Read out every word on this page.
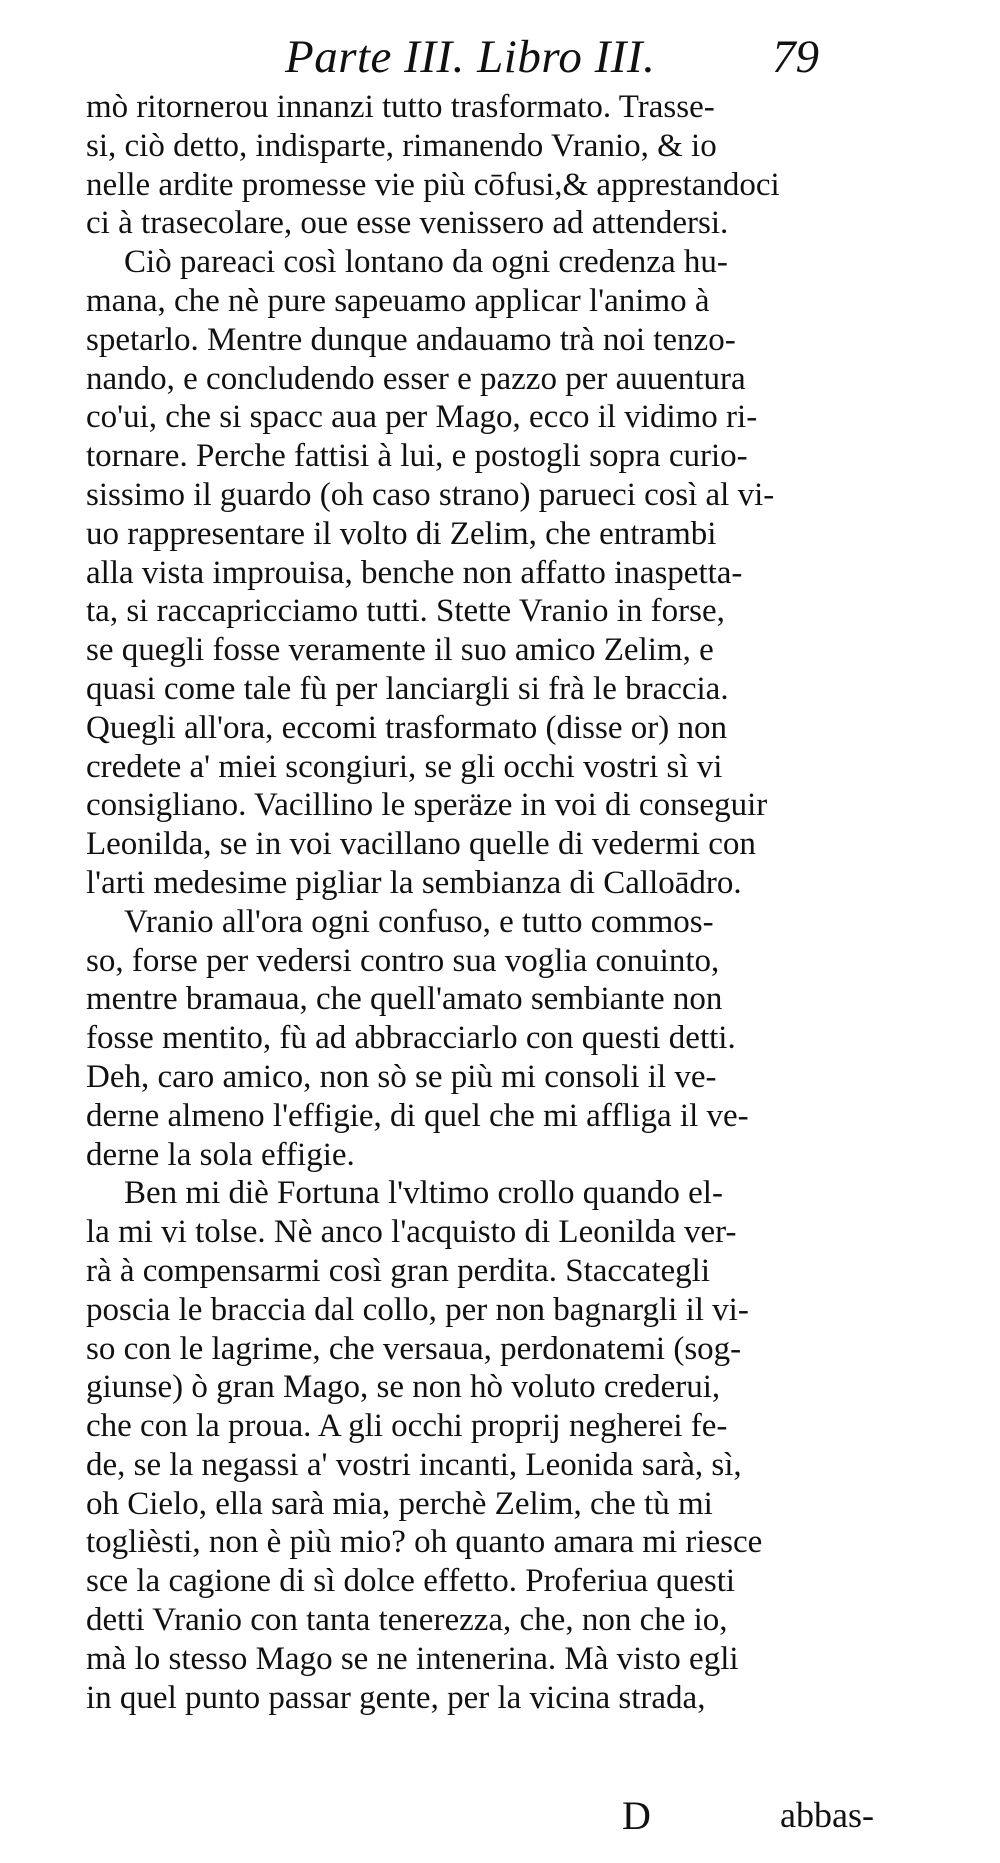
Parte III. Libro III. 79
mò ritornerou innanzi tutto trasformato. Trasse-
si, ciò detto, indisparte, rimanendo Vranio, & io
nelle ardite promesse vie più cōfusi,& apprestandoci
ci à trasecolare, oue esse venissero ad attendersi.
Ciò pareaci così lontano da ogni credenza hu-
mana, che nè pure sapeuamo applicar l'animo à
spetarlo. Mentre dunque andauamo trà noi tenzo-
nando, e concludendo esser e pazzo per auuentura
co'ui, che si spacc aua per Mago, ecco il vidimo ri-
tornare. Perche fattisi à lui, e postogli sopra curio-
sissimo il guardo (oh caso strano) parueci così al vi-
uo rappresentare il volto di Zelim, che entrambi
alla vista improuisa, benche non affatto inaspetta-
ta, si raccapricciamo tutti. Stette Vranio in forse,
se quegli fosse veramente il suo amico Zelim, e
quasi come tale fù per lanciargli si frà le braccia.
Quegli all'ora, eccomi trasformato (disse or) non
credete a' miei scongiuri, se gli occhi vostri sì vi
consigliano. Vacillino le speräze in voi di conseguir
Leonilda, se in voi vacillano quelle di vedermi con
l'arti medesime pigliar la sembianza di Calloādro.
Vranio all'ora ogni confuso, e tutto commos-
so, forse per vedersi contro sua voglia conuinto,
mentre bramaua, che quell'amato sembiante non
fosse mentito, fù ad abbracciarlo con questi detti.
Deh, caro amico, non sò se più mi consoli il ve-
derne almeno l'effigie, di quel che mi affliga il ve-
derne la sola effigie.
Ben mi diè Fortuna l'vltimo crollo quando el-
la mi vi tolse. Nè anco l'acquisto di Leonilda ver-
rà à compensarmi così gran perdita. Staccategli
poscia le braccia dal collo, per non bagnargli il vi-
so con le lagrime, che versaua, perdonatemi (sog-
giunse) ò gran Mago, se non hò voluto crederui,
che con la proua. A gli occhi proprij negherei fe-
de, se la negassi a' vostri incanti, Leonida sarà, sì,
oh Cielo, ella sarà mia, perchè Zelim, che tù mi
toglièsti, non è più mio? oh quanto amara mi riesce
sce la cagione di sì dolce effetto. Proferiua questi
detti Vranio con tanta tenerezza, che, non che io,
mà lo stesso Mago se ne intenerina. Mà visto egli
in quel punto passar gente, per la vicina strada,
D	abbas-
